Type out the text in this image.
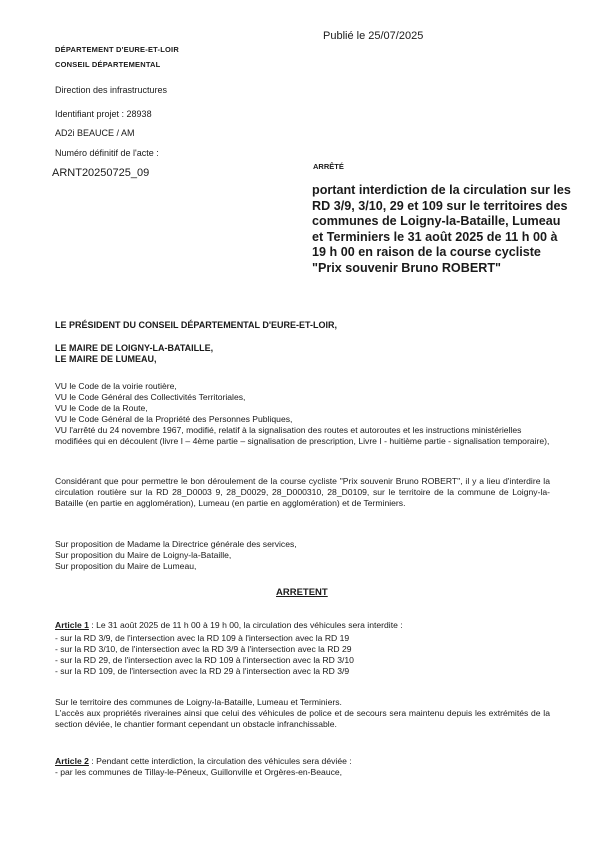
Publié le 25/07/2025
DÉPARTEMENT D'EURE-ET-LOIR
CONSEIL DÉPARTEMENTAL
Direction des infrastructures
Identifiant projet : 28938
AD2i BEAUCE / AM
Numéro définitif de l'acte :
ARNT20250725_09
ARRÊTÉ
portant interdiction de la circulation sur les RD 3/9, 3/10, 29 et 109 sur le territoires des communes de Loigny-la-Bataille, Lumeau et Terminiers le 31 août 2025 de 11 h 00 à 19 h 00 en raison de la course cycliste "Prix souvenir Bruno ROBERT"
LE PRÉSIDENT DU CONSEIL DÉPARTEMENTAL D'EURE-ET-LOIR,
LE MAIRE DE LOIGNY-LA-BATAILLE,
LE MAIRE DE LUMEAU,
VU le Code de la voirie routière,
VU le Code Général des Collectivités Territoriales,
VU le Code de la Route,
VU le Code Général de la Propriété des Personnes Publiques,
VU l'arrêté du 24 novembre 1967, modifié, relatif à la signalisation des routes et autoroutes et les instructions ministérielles modifiées qui en découlent (livre I – 4ème partie – signalisation de prescription, Livre I - huitième partie - signalisation temporaire),
Considérant que pour permettre le bon déroulement de la course cycliste "Prix souvenir Bruno ROBERT", il y a lieu d'interdire la circulation routière sur la RD 28_D0003 9, 28_D0029, 28_D000310, 28_D0109, sur le territoire de la commune de Loigny-la-Bataille (en partie en agglomération), Lumeau (en partie en agglomération) et de Terminiers.
Sur proposition de Madame la Directrice générale des services,
Sur proposition du Maire de Loigny-la-Bataille,
Sur proposition du Maire de Lumeau,
ARRETENT
Article 1 : Le 31 août 2025 de 11 h 00 à 19 h 00, la circulation des véhicules sera interdite :
- sur la RD 3/9, de l'intersection avec la RD 109 à l'intersection avec la RD 19
- sur la RD 3/10, de l'intersection avec la RD 3/9 à l'intersection avec la RD 29
- sur la RD 29, de l'intersection avec la RD 109 à l'intersection avec la RD 3/10
- sur la RD 109, de l'intersection avec la RD 29 à l'intersection avec la RD 3/9
Sur le territoire des communes de Loigny-la-Bataille, Lumeau et Terminiers.
L'accès aux propriétés riveraines ainsi que celui des véhicules de police et de secours sera maintenu depuis les extrémités de la section déviée, le chantier formant cependant un obstacle infranchissable.
Article 2 : Pendant cette interdiction, la circulation des véhicules sera déviée :
- par les communes de Tillay-le-Péneux, Guillonville et Orgères-en-Beauce,
